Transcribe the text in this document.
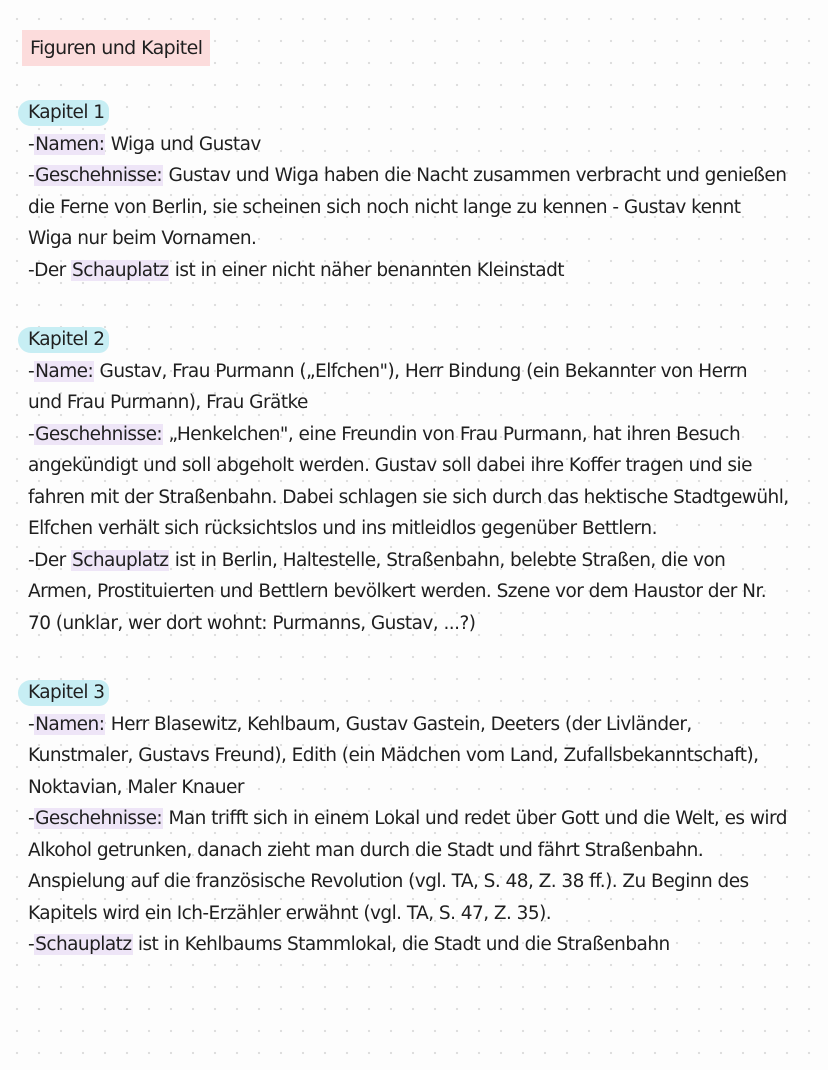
Figuren und Kapitel
Kapitel 1
-Namen: Wiga und Gustav
-Geschehnisse: Gustav und Wiga haben die Nacht zusammen verbracht und genießen
die Ferne von Berlin, sie scheinen sich noch nicht lange zu kennen - Gustav kennt
Wiga nur beim Vornamen.
-Der Schauplatz ist in einer nicht näher benannten Kleinstadt
Kapitel 2
-Name: Gustav, Frau Purmann („Elfchen"), Herr Bindung (ein Bekannter von Herrn
und Frau Purmann), Frau Grätke
-Geschehnisse: „Henkelchen", eine Freundin von Frau Purmann, hat ihren Besuch
angekündigt und soll abgeholt werden. Gustav soll dabei ihre Koffer tragen und sie
fahren mit der Straßenbahn. Dabei schlagen sie sich durch das hektische Stadtgewühl,
Elfchen verhält sich rücksichtslos und ins mitleidlos gegenüber Bettlern.
-Der Schauplatz ist in Berlin, Haltestelle, Straßenbahn, belebte Straßen, die von
Armen, Prostituierten und Bettlern bevölkert werden. Szene vor dem Haustor der Nr.
70 (unklar, wer dort wohnt: Purmanns, Gustav, ...?)
Kapitel 3
-Namen: Herr Blasewitz, Kehlbaum, Gustav Gastein, Deeters (der Livländer,
Kunstmaler, Gustavs Freund), Edith (ein Mädchen vom Land, Zufallsbekanntschaft),
Noktavian, Maler Knauer
-Geschehnisse: Man trifft sich in einem Lokal und redet über Gott und die Welt, es wird
Alkohol getrunken, danach zieht man durch die Stadt und fährt Straßenbahn.
Anspielung auf die französische Revolution (vgl. TA, S. 48, Z. 38 ff.). Zu Beginn des
Kapitels wird ein Ich-Erzähler erwähnt (vgl. TA, S. 47, Z. 35).
-Schauplatz ist in Kehlbaums Stammlokal, die Stadt und die Straßenbahn
